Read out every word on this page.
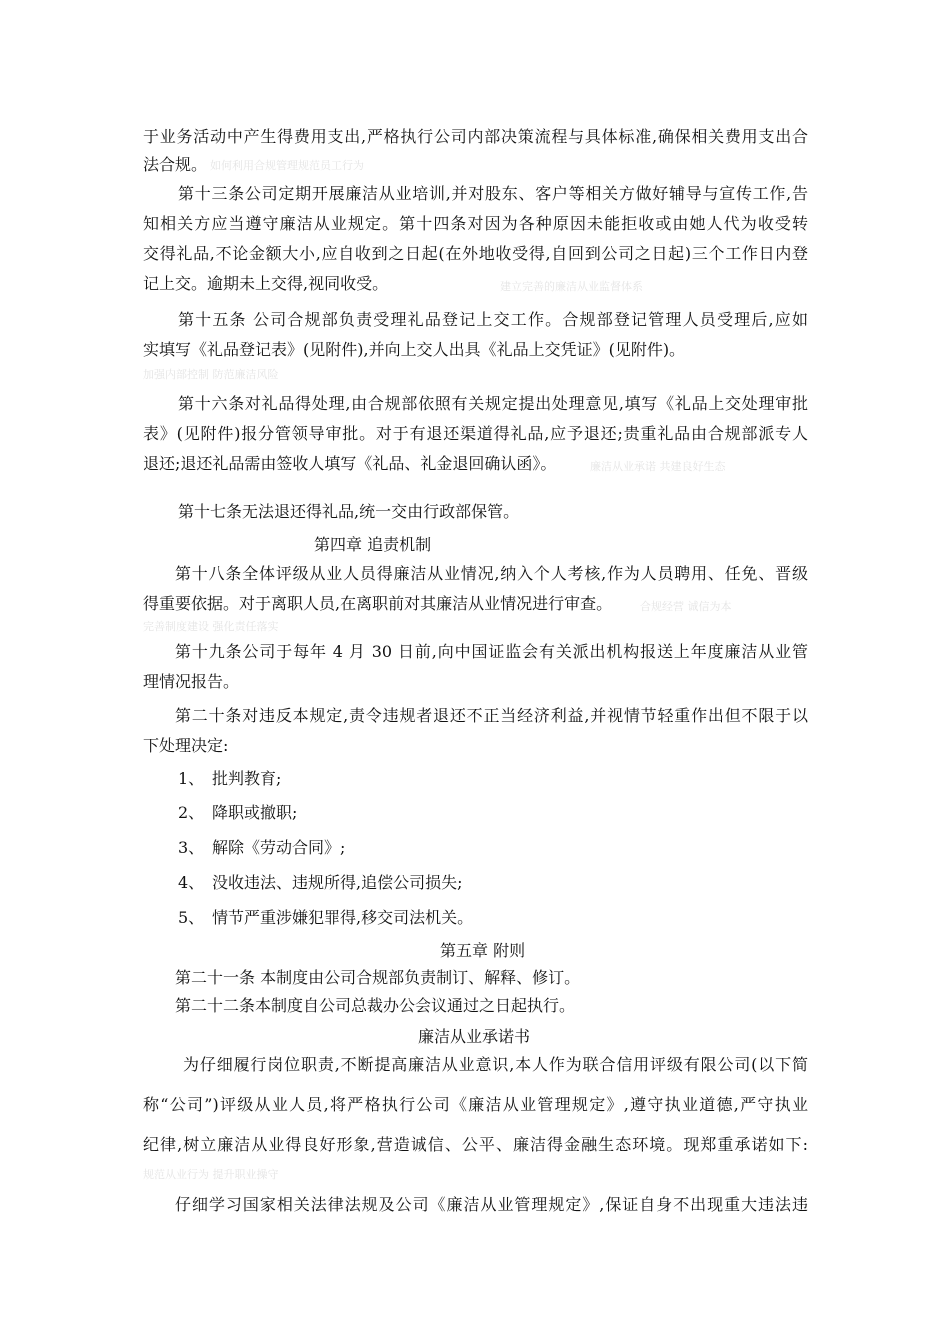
如何利用合规管理规范员工行为
建立完善的廉洁从业监督体系
加强内部控制 防范廉洁风险
廉洁从业承诺 共建良好生态
合规经营 诚信为本
完善制度建设 强化责任落实
规范从业行为 提升职业操守
于业务活动中产生得费用支出,严格执行公司内部决策流程与具体标准,确保相关费用支出合
法合规。
第十三条公司定期开展廉洁从业培训,并对股东、客户等相关方做好辅导与宣传工作,告
知相关方应当遵守廉洁从业规定。第十四条对因为各种原因未能拒收或由她人代为收受转
交得礼品,不论金额大小,应自收到之日起(在外地收受得,自回到公司之日起)三个工作日内登
记上交。逾期未上交得,视同收受。
第十五条 公司合规部负责受理礼品登记上交工作。合规部登记管理人员受理后,应如
实填写《礼品登记表》(见附件),并向上交人出具《礼品上交凭证》(见附件)。
第十六条对礼品得处理,由合规部依照有关规定提出处理意见,填写《礼品上交处理审批
表》(见附件)报分管领导审批。对于有退还渠道得礼品,应予退还;贵重礼品由合规部派专人
退还;退还礼品需由签收人填写《礼品、礼金退回确认函》。
第十七条无法退还得礼品,统一交由行政部保管。
第四章 追责机制
第十八条全体评级从业人员得廉洁从业情况,纳入个人考核,作为人员聘用、任免、晋级
得重要依据。对于离职人员,在离职前对其廉洁从业情况进行审查。
第十九条公司于每年 4 月 30 日前,向中国证监会有关派出机构报送上年度廉洁从业管
理情况报告。
第二十条对违反本规定,责令违规者退还不正当经济利益,并视情节轻重作出但不限于以
下处理决定:
1、 批判教育;
2、 降职或撤职;
3、 解除《劳动合同》;
4、 没收违法、违规所得,追偿公司损失;
5、 情节严重涉嫌犯罪得,移交司法机关。
第五章 附则
第二十一条 本制度由公司合规部负责制订、解释、修订。
第二十二条本制度自公司总裁办公会议通过之日起执行。
廉洁从业承诺书
为仔细履行岗位职责,不断提高廉洁从业意识,本人作为联合信用评级有限公司(以下简
称“公司”)评级从业人员,将严格执行公司《廉洁从业管理规定》,遵守执业道德,严守执业
纪律,树立廉洁从业得良好形象,营造诚信、公平、廉洁得金融生态环境。现郑重承诺如下:
仔细学习国家相关法律法规及公司《廉洁从业管理规定》,保证自身不出现重大违法违
